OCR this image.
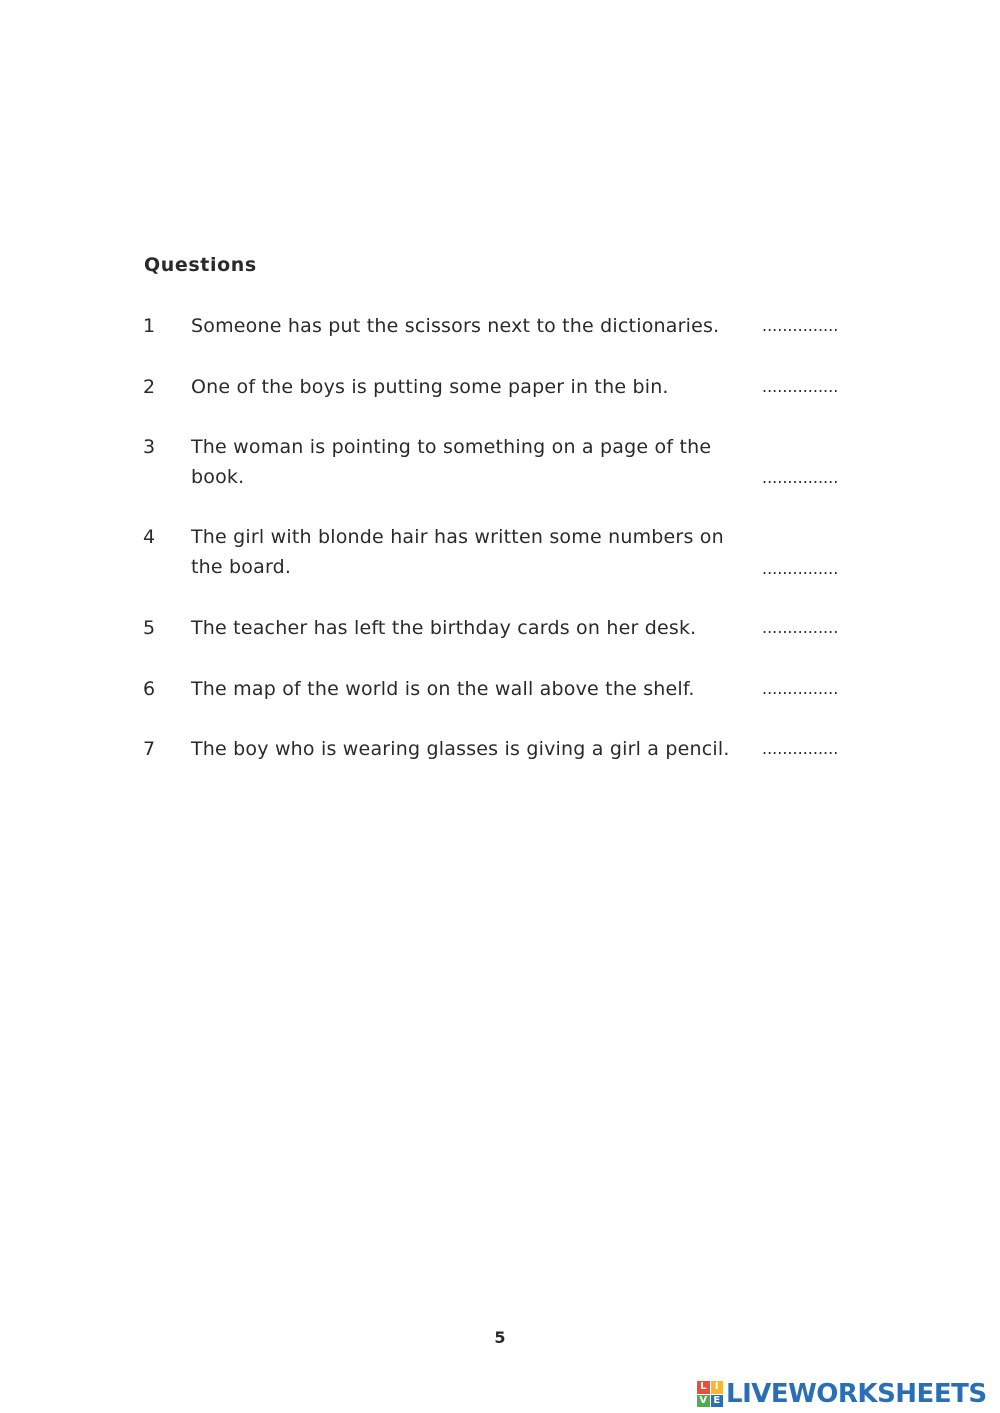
Questions
1 Someone has put the scissors next to the dictionaries.	...............
2 One of the boys is putting some paper in the bin.	...............
3 The woman is pointing to something on a page of the book.	...............
4 The girl with blonde hair has written some numbers on the board.	...............
5 The teacher has left the birthday cards on her desk.	...............
6 The map of the world is on the wall above the shelf.	...............
7 The boy who is wearing glasses is giving a girl a pencil.	...............
5
L I
V E LIVEWORKSHEETS
